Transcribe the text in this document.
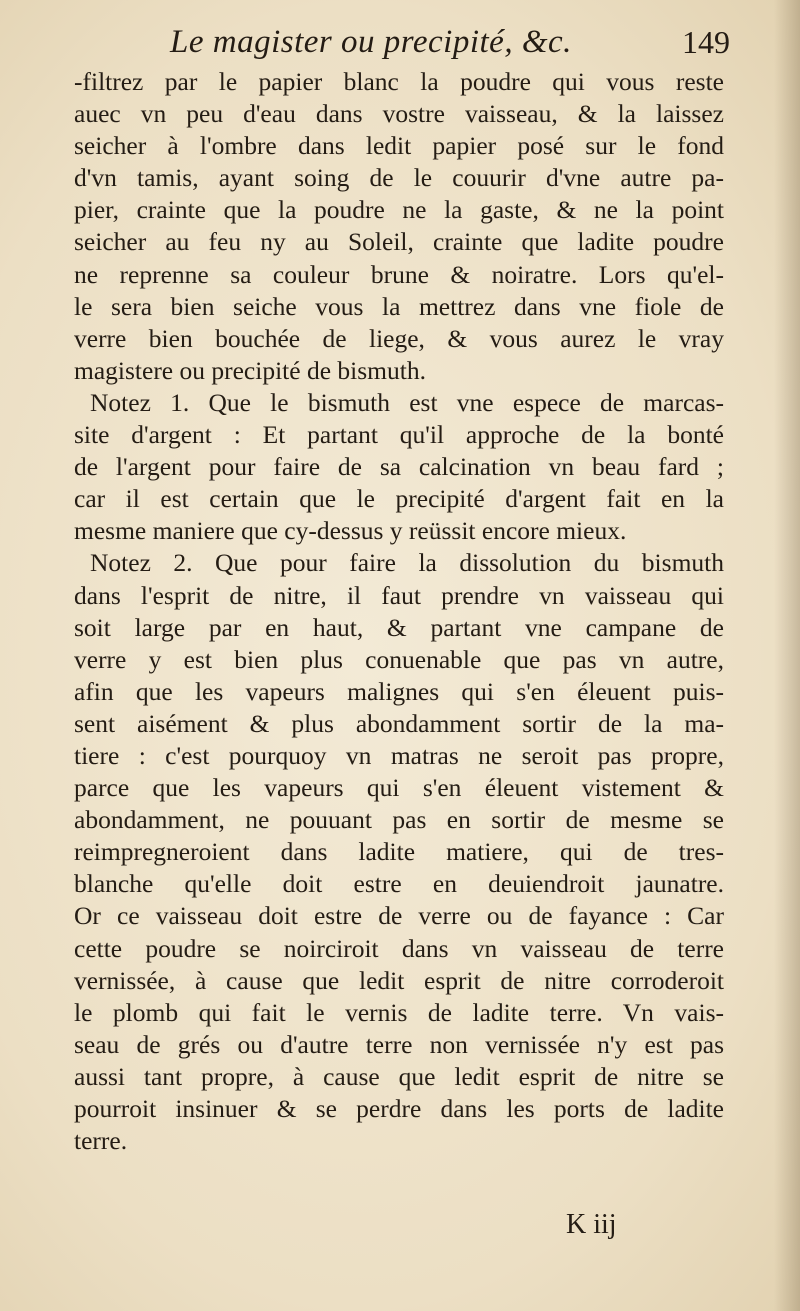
Le magister ou precipité, &c.	149
-filtrez par le papier blanc la poudre qui vous reste
auec vn peu d'eau dans vostre vaisseau, & la laissez
seicher à l'ombre dans ledit papier posé sur le fond
d'vn tamis, ayant soing de le couurir d'vne autre pa-
pier, crainte que la poudre ne la gaste, & ne la point
seicher au feu ny au Soleil, crainte que ladite poudre
ne reprenne sa couleur brune & noiratre. Lors qu'el-
le sera bien seiche vous la mettrez dans vne fiole de
verre bien bouchée de liege, & vous aurez le vray
magistere ou precipité de bismuth.
Notez 1. Que le bismuth est vne espece de marcas-
site d'argent : Et partant qu'il approche de la bonté
de l'argent pour faire de sa calcination vn beau fard ;
car il est certain que le precipité d'argent fait en la
mesme maniere que cy-dessus y reüssit encore mieux.
Notez 2. Que pour faire la dissolution du bismuth
dans l'esprit de nitre, il faut prendre vn vaisseau qui
soit large par en haut, & partant vne campane de
verre y est bien plus conuenable que pas vn autre,
afin que les vapeurs malignes qui s'en éleuent puis-
sent aisément & plus abondamment sortir de la ma-
tiere : c'est pourquoy vn matras ne seroit pas propre,
parce que les vapeurs qui s'en éleuent vistement &
abondamment, ne pouuant pas en sortir de mesme se
reimpregneroient dans ladite matiere, qui de tres-
blanche qu'elle doit estre en deuiendroit jaunatre.
Or ce vaisseau doit estre de verre ou de fayance : Car
cette poudre se noirciroit dans vn vaisseau de terre
vernissée, à cause que ledit esprit de nitre corroderoit
le plomb qui fait le vernis de ladite terre. Vn vais-
seau de grés ou d'autre terre non vernissée n'y est pas
aussi tant propre, à cause que ledit esprit de nitre se
pourroit insinuer & se perdre dans les ports de ladite
terre.
K iij
